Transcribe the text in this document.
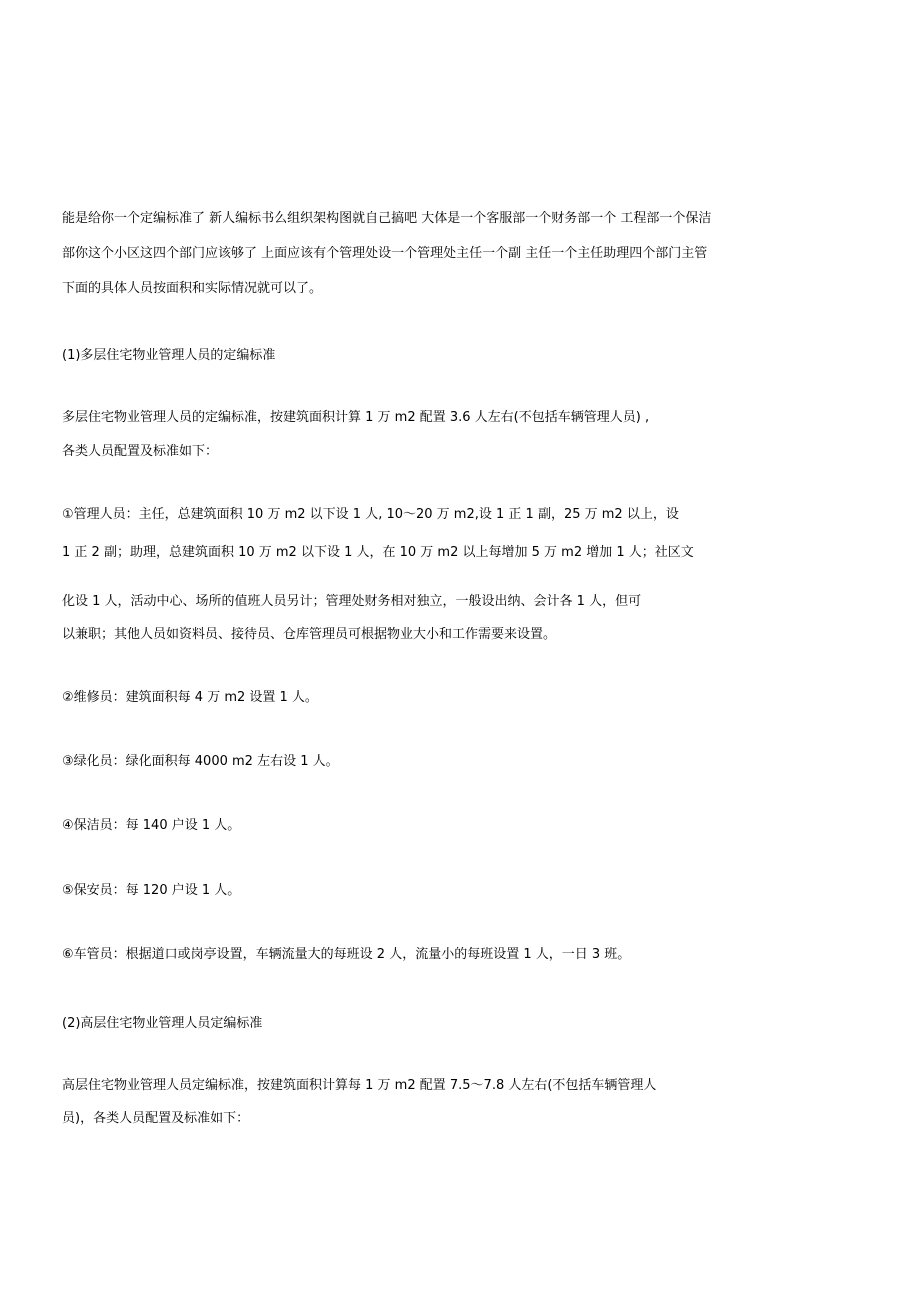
能是给你一个定编标准了 新人编标书么组织架构图就自己搞吧 大体是一个客服部一个财务部一个 工程部一个保洁
部你这个小区这四个部门应该够了 上面应该有个管理处设一个管理处主任一个副 主任一个主任助理四个部门主管
下面的具体人员按面积和实际情况就可以了。
(1)多层住宅物业管理人员的定编标准
多层住宅物业管理人员的定编标准，按建筑面积计算 1 万 m2 配置 3.6 人左右(不包括车辆管理人员) ,
各类人员配置及标准如下：
①管理人员：主任，总建筑面积 10 万 m2 以下设 1 人, 10〜20 万 m2,设 1 正 1 副，25 万 m2 以上，设
1 正 2 副；助理，总建筑面积 10 万 m2 以下设 1 人，在 10 万 m2 以上每增加 5 万 m2 增加 1 人；社区文
化设 1 人，活动中心、场所的值班人员另计；管理处财务相对独立，一般设出纳、会计各 1 人，但可
以兼职；其他人员如资料员、接待员、仓库管理员可根据物业大小和工作需要来设置。
②维修员：建筑面积每 4 万 m2 设置 1 人。
③绿化员：绿化面积每 4000 m2 左右设 1 人。
④保洁员：每 140 户设 1 人。
⑤保安员：每 120 户设 1 人。
⑥车管员：根据道口或岗亭设置，车辆流量大的每班设 2 人，流量小的每班设置 1 人，一日 3 班。
(2)高层住宅物业管理人员定编标准
高层住宅物业管理人员定编标准，按建筑面积计算每 1 万 m2 配置 7.5〜7.8 人左右(不包括车辆管理人
员)，各类人员配置及标准如下：
